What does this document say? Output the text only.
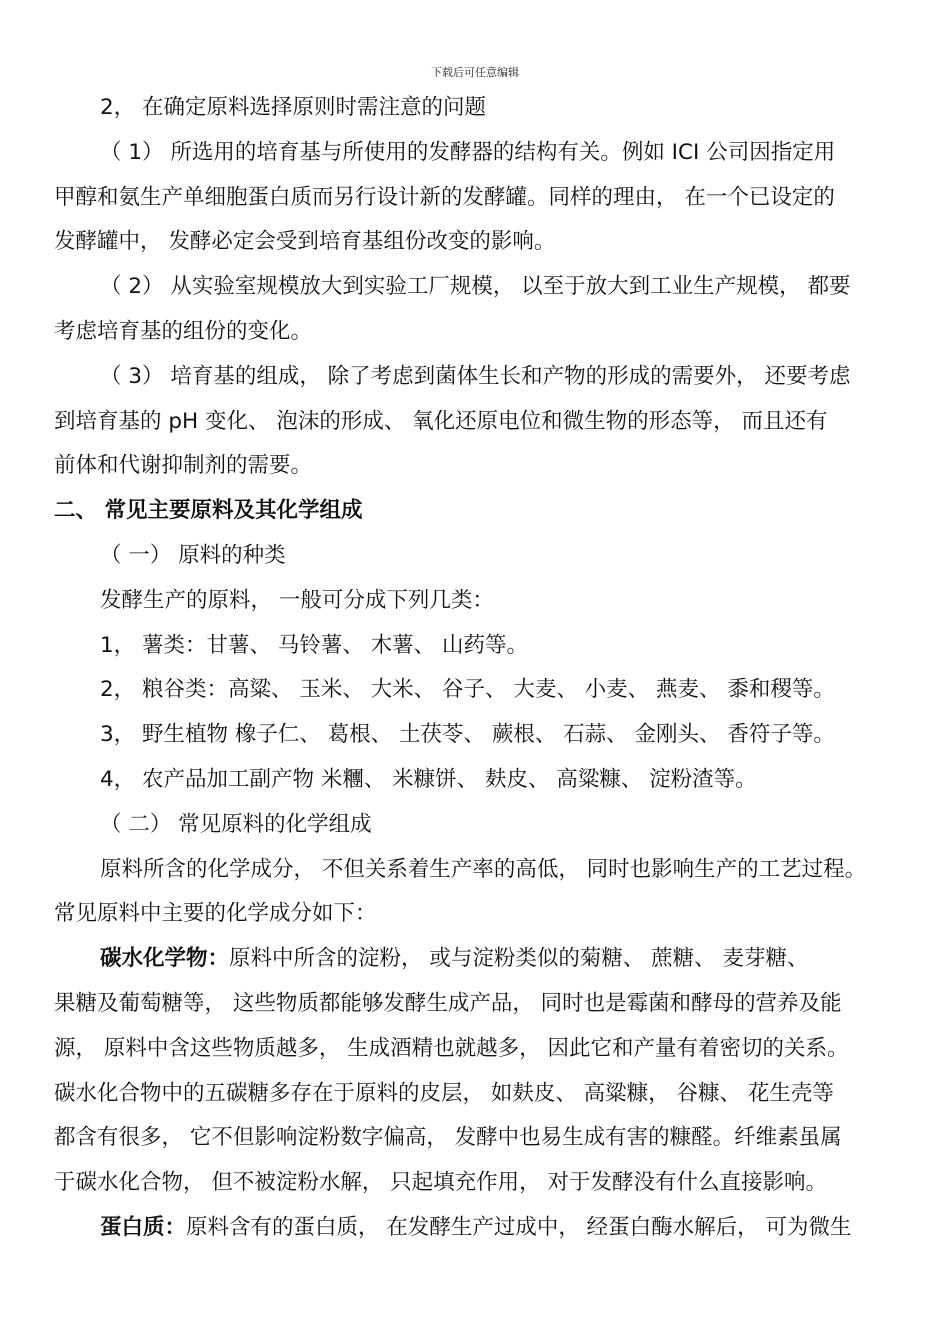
下载后可任意编辑

2， 在确定原料选择原则时需注意的问题

（ 1） 所选用的培育基与所使用的发酵器的结构有关。例如 ICI 公司因指定用

甲醇和氨生产单细胞蛋白质而另行设计新的发酵罐。同样的理由， 在一个已设定的

发酵罐中， 发酵必定会受到培育基组份改变的影响。

（ 2） 从实验室规模放大到实验工厂规模， 以至于放大到工业生产规模， 都要

考虑培育基的组份的变化。

（ 3） 培育基的组成， 除了考虑到菌体生长和产物的形成的需要外， 还要考虑

到培育基的 pH 变化、 泡沫的形成、 氧化还原电位和微生物的形态等， 而且还有

前体和代谢抑制剂的需要。

二、 常见主要原料及其化学组成

（ 一） 原料的种类

发酵生产的原料， 一般可分成下列几类：

1， 薯类：甘薯、 马铃薯、 木薯、 山药等。

2， 粮谷类：高粱、 玉米、 大米、 谷子、 大麦、 小麦、 燕麦、 黍和稷等。

3， 野生植物 橡子仁、 葛根、 土茯苓、 蕨根、 石蒜、 金刚头、 香符子等。

4， 农产品加工副产物 米糰、 米糠饼、 麸皮、 高粱糠、 淀粉渣等。

（ 二） 常见原料的化学组成

原料所含的化学成分， 不但关系着生产率的高低， 同时也影响生产的工艺过程。

常见原料中主要的化学成分如下：

碳水化学物：原料中所含的淀粉， 或与淀粉类似的菊糖、 蔗糖、 麦芽糖、

果糖及葡萄糖等， 这些物质都能够发酵生成产品， 同时也是霉菌和酵母的营养及能

源， 原料中含这些物质越多， 生成酒精也就越多， 因此它和产量有着密切的关系。

碳水化合物中的五碳糖多存在于原料的皮层， 如麸皮、 高粱糠， 谷糠、 花生壳等

都含有很多， 它不但影响淀粉数字偏高， 发酵中也易生成有害的糠醛。纤维素虽属

于碳水化合物， 但不被淀粉水解， 只起填充作用， 对于发酵没有什么直接影响。

蛋白质：原料含有的蛋白质， 在发酵生产过成中， 经蛋白酶水解后， 可为微生
